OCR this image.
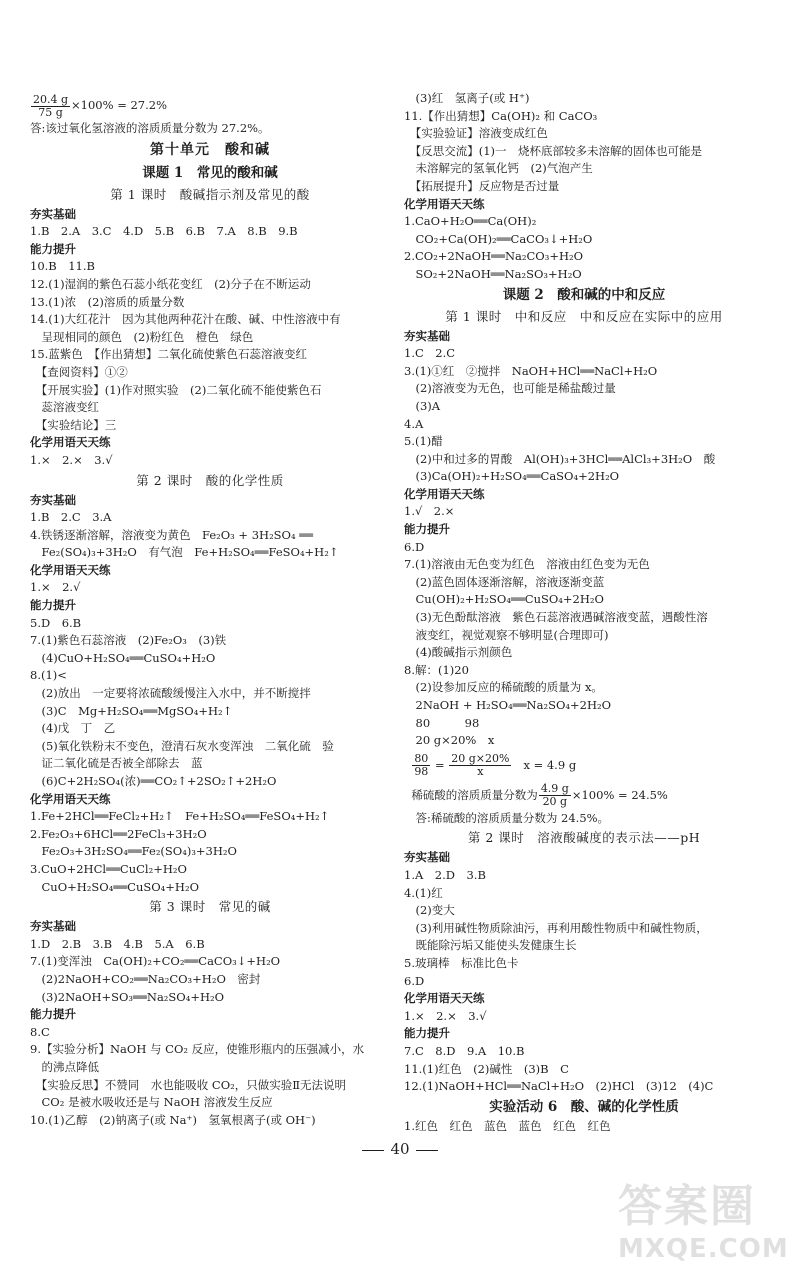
$\frac{20.4 g}{75 g} \times 100\% = 27.2\%$
答:该过氧化氢溶液的溶质质量分数为 27.2%。
第十单元　酸和碱
课题 1　常见的酸和碱
第 1 课时　酸碱指示剂及常见的酸
夯实基础
1.B　2.A　3.C　4.D　5.B　6.B　7.A　8.B　9.B
能力提升
10.B　11.B
12.(1)湿润的紫色石蕊小纸花变红　(2)分子在不断运动
13.(1)浓　(2)溶质的质量分数
14.(1)大红花汁　因为其他两种花汁在酸、碱、中性溶液中有
　呈现相同的颜色　(2)粉红色　橙色　绿色
15.蓝紫色　【作出猜想】二氧化硫使紫色石蕊溶液变红
　【查阅资料】①②
　【开展实验】(1)作对照实验　(2)二氧化硫不能使紫色石
　蕊溶液变红
　【实验结论】三
化学用语天天练
1.×　2.×　3.√
第 2 课时　酸的化学性质
夯实基础
1.B　2.C　3.A
4.铁锈逐渐溶解，溶液变为黄色　Fe₂O₃ + 3H₂SO₄ ══
　Fe₂(SO₄)₃+3H₂O　有气泡　Fe+H₂SO₄══FeSO₄+H₂↑
化学用语天天练
1.×　2.√
能力提升
5.D　6.B
7.(1)紫色石蕊溶液　(2)Fe₂O₃　(3)铁
　(4)CuO+H₂SO₄══CuSO₄+H₂O
8.(1)<
　(2)放出　一定要将浓硫酸缓慢注入水中，并不断搅拌
　(3)C　Mg+H₂SO₄══MgSO₄+H₂↑
　(4)戊　丁　乙
　(5)氧化铁粉末不变色，澄清石灰水变浑浊　二氧化硫　验
　证二氧化硫是否被全部除去　蓝
　(6)C+2H₂SO₄(浓)══CO₂↑+2SO₂↑+2H₂O
化学用语天天练
1.Fe+2HCl══FeCl₂+H₂↑　Fe+H₂SO₄══FeSO₄+H₂↑
2.Fe₂O₃+6HCl══2FeCl₃+3H₂O
　Fe₂O₃+3H₂SO₄══Fe₂(SO₄)₃+3H₂O
3.CuO+2HCl══CuCl₂+H₂O
　CuO+H₂SO₄══CuSO₄+H₂O
第 3 课时　常见的碱
夯实基础
1.D　2.B　3.B　4.B　5.A　6.B
7.(1)变浑浊　Ca(OH)₂+CO₂══CaCO₃↓+H₂O
　(2)2NaOH+CO₂══Na₂CO₃+H₂O　密封
　(3)2NaOH+SO₃══Na₂SO₄+H₂O
能力提升
8.C
9.【实验分析】NaOH 与 CO₂ 反应，使锥形瓶内的压强减小，水
　的沸点降低
　【实验反思】不赞同　水也能吸收 CO₂，只做实验Ⅱ无法说明
　CO₂ 是被水吸收还是与 NaOH 溶液发生反应
10.(1)乙醇　(2)钠离子(或 Na⁺)　氢氧根离子(或 OH⁻)
　(3)红　氢离子(或 H⁺)
11.【作出猜想】Ca(OH)₂ 和 CaCO₃
　【实验验证】溶液变成红色
　【反思交流】(1)一　烧杯底部较多未溶解的固体也可能是
　未溶解完的氢氧化钙　(2)气泡产生
　【拓展提升】反应物是否过量
化学用语天天练
1.CaO+H₂O══Ca(OH)₂
　CO₂+Ca(OH)₂══CaCO₃↓+H₂O
2.CO₂+2NaOH══Na₂CO₃+H₂O
　SO₂+2NaOH══Na₂SO₃+H₂O
课题 2　酸和碱的中和反应
第 1 课时　中和反应　中和反应在实际中的应用
夯实基础
1.C　2.C
3.(1)①红　②搅拌　NaOH+HCl══NaCl+H₂O
　(2)溶液变为无色，也可能是稀盐酸过量
　(3)A
4.A
5.(1)醋
　(2)中和过多的胃酸　Al(OH)₃+3HCl══AlCl₃+3H₂O　酸
　(3)Ca(OH)₂+H₂SO₄══CaSO₄+2H₂O
化学用语天天练
1.√　2.×
能力提升
6.D
7.(1)溶液由无色变为红色　溶液由红色变为无色
　(2)蓝色固体逐渐溶解，溶液逐渐变蓝
　Cu(OH)₂+H₂SO₄══CuSO₄+2H₂O
　(3)无色酚酞溶液　紫色石蕊溶液遇碱溶液变蓝，遇酸性溶
　液变红，视觉观察不够明显(合理即可)
　(4)酸碱指示剂颜色
8.解：(1)20
　(2)设参加反应的稀硫酸的质量为 x。
　2NaOH + H₂SO₄══Na₂SO₄+2H₂O
　80　　　98
　20 g×20%　x

$\frac{80}{98} = \frac{20 g\times 20\%}{x}$ x = 4.9 g
稀硫酸的溶质质量分数为 $\frac{4.9 g}{20 g} \times 100\% = 24.5\%$
　答:稀硫酸的溶质质量分数为 24.5%。
第 2 课时　溶液酸碱度的表示法——pH
夯实基础
1.A　2.D　3.B
4.(1)红
　(2)变大
　(3)利用碱性物质除油污，再利用酸性物质中和碱性物质，
　既能除污垢又能使头发健康生长
5.玻璃棒　标准比色卡
6.D
化学用语天天练
1.×　2.×　3.√
能力提升
7.C　8.D　9.A　10.B
11.(1)红色　(2)碱性　(3)B　C
12.(1)NaOH+HCl══NaCl+H₂O　(2)HCl　(3)12　(4)C
实验活动 6　酸、碱的化学性质
1.红色　红色　蓝色　蓝色　红色　红色
40
答案圈
MXQE.COM
